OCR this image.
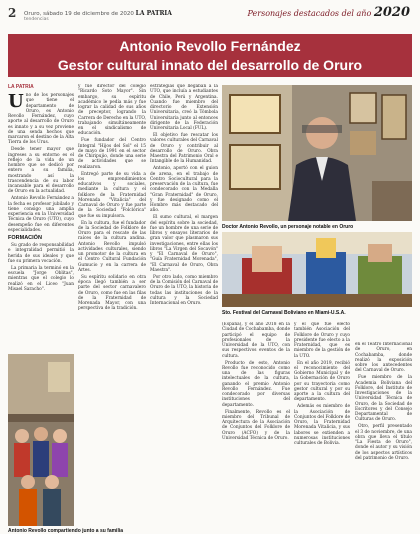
2 Oruro, sábado 19 de diciembre de 2020 LA PATRIA
tendencias
Personajes destacados del año 2020
Antonio Revollo Fernández
Gestor cultural innato del desarrollo de Oruro
LA PATRIA

Uno de los personajes que tiene el departamento de Oruro, es Antonio Revollo Fernández, cuyo aporte al desarrollo de Oruro es innato y a su vez proviene de una senda hechos que marcaron el destino de la Alta Tierra de los Urus.

Desde tener mayor que ingreses a su entorno es el reflejo de la vida de un hombre que se dedicó por entero a su familia, mostrando así la trascendencia de su labor incansable para el desarrollo de Oruro en la actualidad.

Antonio Revollo Fernández a la fecha es profesor jubilado y tiene consigo una amplia experiencia en la Universidad Técnica de Oruro (UTO), cuyo desempeño fue en diferentes especialidades.

FORMACIÓN

Su grado de responsabilidad e integralidad permitió la herida de sus ideales y que fue su primera vocación.

La primaria la terminó en la escuela "Jorge Oblitas", mientras que el colegio lo realizó en el Liceo "Juan Misael Saracho".

Antonio Revollo compartiendo junto a su familia

y fue director del colegio "Ricardo Soto Mayor". Sin embargo, su espíritu académico le pedía más y fue lograr la calidad de sus años de preceptor, logrando la Carrera de Derecho en la UTO, trabajando simultáneamente en el sindicalismo de educación.

Fue fundador del Centro Integral "Hijos del Sol" el 15 de mayo de 1991 en el sector de Chiripujio, donde una serie de actividades que se realizaron.

Entregó parte de su vida a los emprendimientos educativos y sociales, mediante la cultura y el folklore de la Fraternidad Morenada "Vitalicia" del Carnaval de Oruro y fue parte de la Sociedad "Folclórica" que fue su impulsora.

En la cultura, fue el fundador de la Sociedad de Folklore de Oruro para el rescate de las raíces de la cultura andina. Antonio Revollo impulsó actividades culturales, siendo un promotor de la cultura en el Centro Cultural Fundación Gumucio y en la carrera de Artes.

Su espíritu solidario en otra época llegó también a ser parte del sector carnavalero de Oruro, como fue en las filas de la Fraternidad de Morenada Mayor, con una perspectiva de la tradición.

estrategias que llegaban a la UTO, que incluía a estudiantes de Chile, Perú y Argentina. Cuando fue miembro del directorio de Extensión Universitaria, creó la Tómbola Universitaria junto al entonces dirigente de la Federación Universitaria Local (FUL).

El objetivo fue rescatar los valores culturales del Carnaval de Oruro y contribuir al desarrollo de Oruro. Obra Maestra del Patrimonio Oral e Intangible de la Humanidad.

Antonio, aportó con el guion de arena, en el trabajo de Centro Sociocultural para la preservación de la cultura, fue condecorado con la Medalla "Gran Fraternidad" de Oruro, y fue designado como el Hombre más destacado del año.

El sumo cultural, el margen del espíritu sobre la sociedad, fue un hombre de una serie de libros y ensayos literarios de gran valor que plasmaron sus investigaciones, entre ellas los libros "La Virgen del Socavón" y "El Carnaval de Oruro", "Guía Fraternidad Morenada", "El Carnaval de Oruro, Obra Maestra".

Por otro lado, como miembro de la Comisión del Carnaval de Oruro de la UTO, la historia de todas las instituciones de la cultura y la Sociedad Internacional en Oruro.

Doctor Antonio Revollo, un personaje notable en Oruro
Sto. Festival del Carnaval Boliviano en Miami-U.S.A.

(España), y el año 2018 en la Ciudad de Cochabamba, donde participó el equipo de profesionales de la Universidad de la UTO, con sus respectivos eventos de la cultura.

Producto de esto, Antonio Revollo fue reconocido como una de las figuras intelectuales de la cultura, ganando el premio Antonio Revollo Fernández. Fue condecorado por diversas instituciones del departamento.

Finalmente, Revollo es el miembro del Tribunal de Arquitectura de la Asociación de Conjuntos del Folklore de Oruro (ACFO) y de la Universidad Técnica de Oruro.

y el que fue electo también Asociación del Folklore de Oruro y cuyo presidente fue electo a la Fraternidad, que es miembro de la gestión de la UTO.

En el año 2019, recibió el reconocimiento del Gobierno Municipal y de la Gobernación de Oruro por su trayectoria como gestor cultural y por su aporte a la cultura del departamento.

Además es miembro de la Asociación de Conjuntos del Folklore de Oruro, la Fraternidad Morenada Vitalicia, y sus labores se extienden a numerosas instituciones culturales de Bolivia.

en el Teatro Internacional de Oruro, en Cochabamba, donde realizó la exposición sobre los antecedentes del Carnaval de Oruro.

Fue miembro de la Academia Boliviana del Folklore, del Instituto de Investigaciones de la Universidad Técnica de Oruro, de la Sociedad de Escritores y del Consejo Departamental de Culturas de Oruro.

Otro, perfil presentado el 3 de noviembre, de una obra que lleva el título "La Fiesta de Oruro", donde el autor y su visión de los aspectos artísticos del patrimonio de Oruro.
